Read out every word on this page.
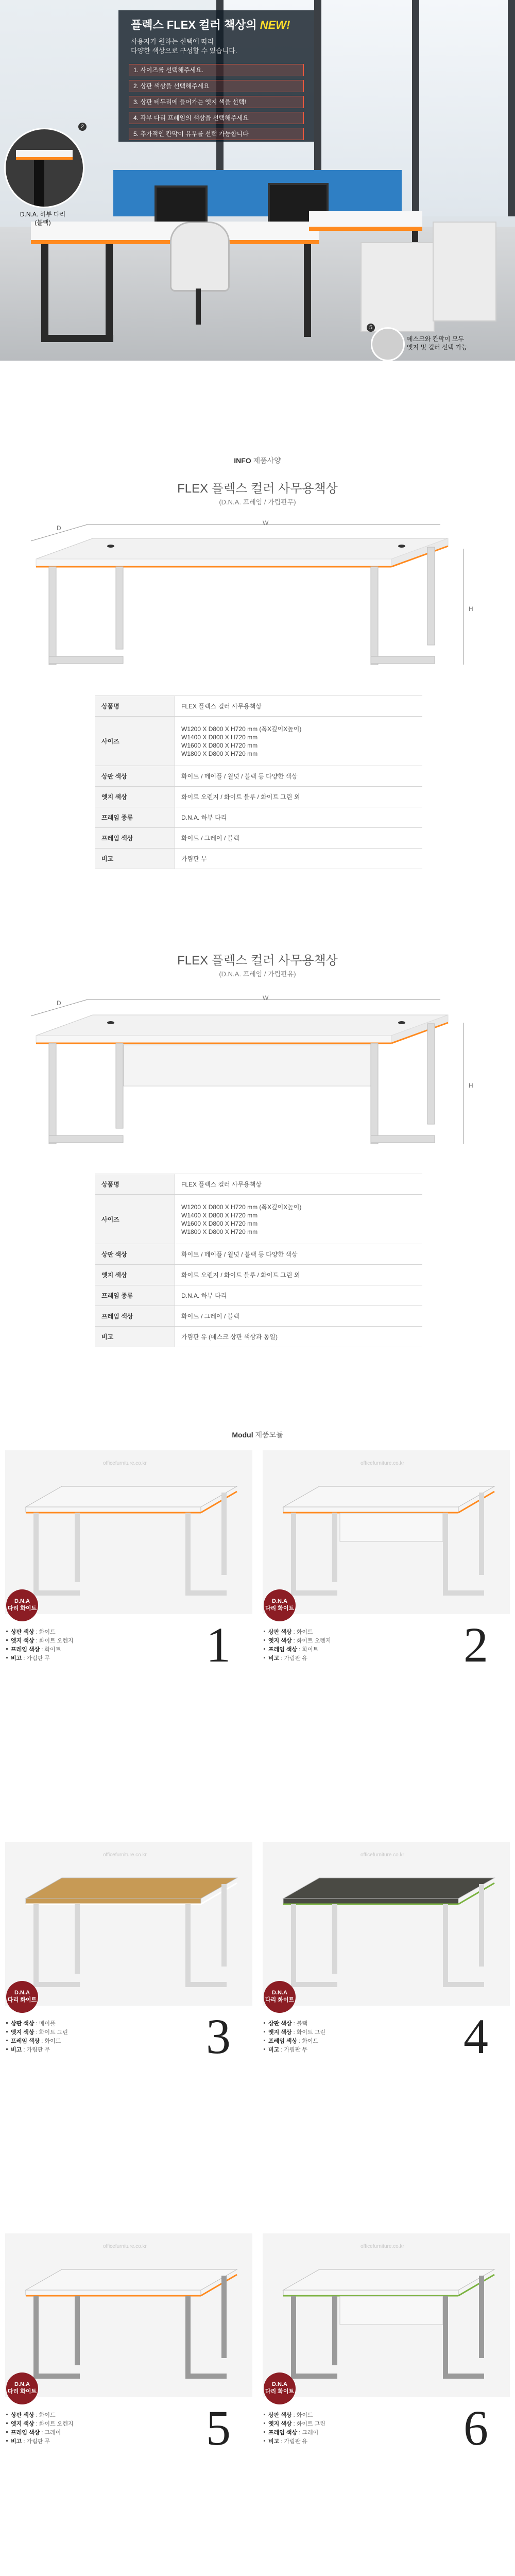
플렉스 FLEX 컬러 책상의 NEW!
사용자가 원하는 선택에 따라
다양한 색상으로 구성할 수 있습니다.
1. 사이즈를 선택해주세요.
2. 상판 색상을 선택해주세요
3. 상판 테두리에 들어가는 엣지 색을 선택!
4. 각부 다리 프레임의 색상을 선택해주세요
5. 추가적인 칸막이 유무를 선택 가능합니다
2
D.N.A. 하부 다리
(블랙)
5
데스크와 칸막이 모두
엣지 및 컬러 선택 가능
INFO 제품사양
FLEX 플렉스 컬러 사무용책상
(D.N.A. 프레임 / 가림판무)
D
W
H
상품명	FLEX 플렉스 컬러 사무용책상

사이즈	W1200 X D800 X H720 mm (폭X깊이X높이)
W1400 X D800 X H720 mm
W1600 X D800 X H720 mm
W1800 X D800 X H720 mm

상판 색상	화이트 / 메이플 / 월넛 / 블랙 등 다양한 색상

엣지 색상	화이트 오렌지 / 화이트 블루 / 화이트 그린 외

프레임 종류	D.N.A. 하부 다리

프레임 색상	화이트 / 그레이 / 블랙

비고	가림판 무
FLEX 플렉스 컬러 사무용책상
(D.N.A. 프레임 / 가림판유)
D
W
H
상품명	FLEX 플렉스 컬러 사무용책상

사이즈	W1200 X D800 X H720 mm (폭X깊이X높이)
W1400 X D800 X H720 mm
W1600 X D800 X H720 mm
W1800 X D800 X H720 mm

상판 색상	화이트 / 메이플 / 월넛 / 블랙 등 다양한 색상

엣지 색상	화이트 오렌지 / 화이트 블루 / 화이트 그린 외

프레임 종류	D.N.A. 하부 다리

프레임 색상	화이트 / 그레이 / 블랙

비고	가림판 유 (데스크 상판 색상과 동일)
Modul 제품모듈
officefurniture.co.kr
D.N.A
다리 화이트
1
상판 색상 : 화이트
엣지 색상 : 화이트 오렌지
프레임 색상 : 화이트
비고 : 가림판 무
officefurniture.co.kr
D.N.A
다리 화이트
2
상판 색상 : 화이트
엣지 색상 : 화이트 오렌지
프레임 색상 : 화이트
비고 : 가림판 유
officefurniture.co.kr
D.N.A
다리 화이트
3
상판 색상 : 메이플
엣지 색상 : 화이트 그린
프레임 색상 : 화이트
비고 : 가림판 무
officefurniture.co.kr
D.N.A
다리 화이트
4
상판 색상 : 블랙
엣지 색상 : 화이트 그린
프레임 색상 : 화이트
비고 : 가림판 무
officefurniture.co.kr
D.N.A
다리 화이트
5
상판 색상 : 화이트
엣지 색상 : 화이트 오렌지
프레임 색상 : 그레이
비고 : 가림판 무
officefurniture.co.kr
D.N.A
다리 화이트
6
상판 색상 : 화이트
엣지 색상 : 화이트 그린
프레임 색상 : 그레이
비고 : 가림판 유
